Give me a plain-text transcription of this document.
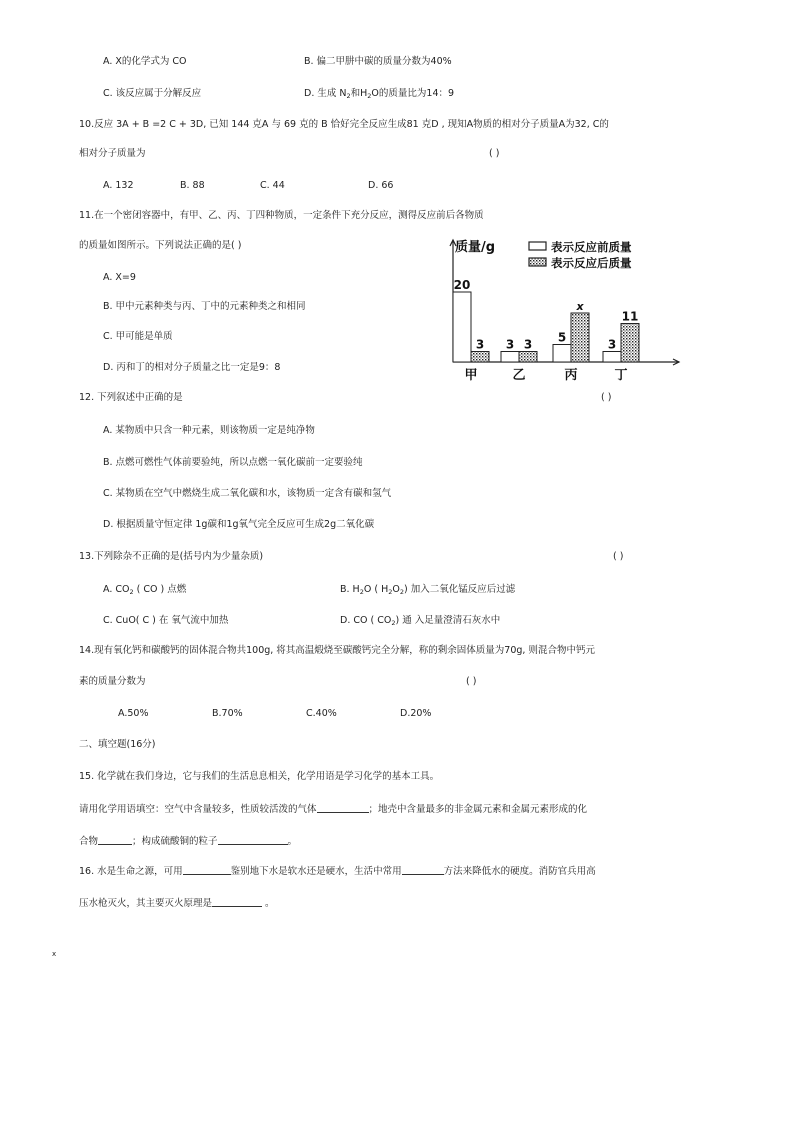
A. X的化学式为 CO	B. 偏二甲肼中碳的质量分数为40%
C. 该反应属于分解反应	D. 生成 $N_2$和$H_2O$的质量比为14：9
10.反应 3A + B =2 C + 3D, 已知 144 克A 与 69 克的 B 恰好完全反应生成81 克D , 现知A物质的相对分子质量A为32, C的
相对分子质量为	( )
A. 132	B. 88	C. 44	D. 66
11.在一个密闭容器中，有甲、乙、丙、丁四种物质，一定条件下充分反应，测得反应前后各物质
的质量如图所示。下列说法正确的是( )
A. X=9
B. 甲中元素种类与丙、丁中的元素种类之和相同
C. 甲可能是单质
D. 丙和丁的相对分子质量之比一定是9：8
质量/g
20
3
甲
3 3
乙
5
x
丙
3
11
丁
表示反应前质量
表示反应后质量
12. 下列叙述中正确的是	( )
A. 某物质中只含一种元素，则该物质一定是纯净物
B. 点燃可燃性气体前要验纯，所以点燃一氧化碳前一定要验纯
C. 某物质在空气中燃烧生成二氧化碳和水，该物质一定含有碳和氢气
D. 根据质量守恒定律 1g碳和1g氧气完全反应可生成2g二氧化碳
13.下列除杂不正确的是(括号内为少量杂质)	( )
A. $CO_2$ ( CO ) 点燃	B. $H_2O$ ( $H_2O_2$) 加入二氧化锰反应后过滤
C. CuO( C ) 在 氧气流中加热	D. CO ( $CO_2$) 通 入足量澄清石灰水中
14.现有氧化钙和碳酸钙的固体混合物共100g, 将其高温煅烧至碳酸钙完全分解，称的剩余固体质量为70g, 则混合物中钙元
素的质量分数为	( )
A.50%	B.70%	C.40%	D.20%
二、填空题(16分)
15. 化学就在我们身边，它与我们的生活息息相关，化学用语是学习化学的基本工具。
请用化学用语填空：空气中含量较多，性质较活泼的气体	；地壳中含量最多的非金属元素和金属元素形成的化
合物	；构成硫酸铜的粒子	。
16. 水是生命之源，可用	鉴别地下水是软水还是硬水，生活中常用	方法来降低水的硬度。消防官兵用高
压水枪灭火，其主要灭火原理是	。
x
